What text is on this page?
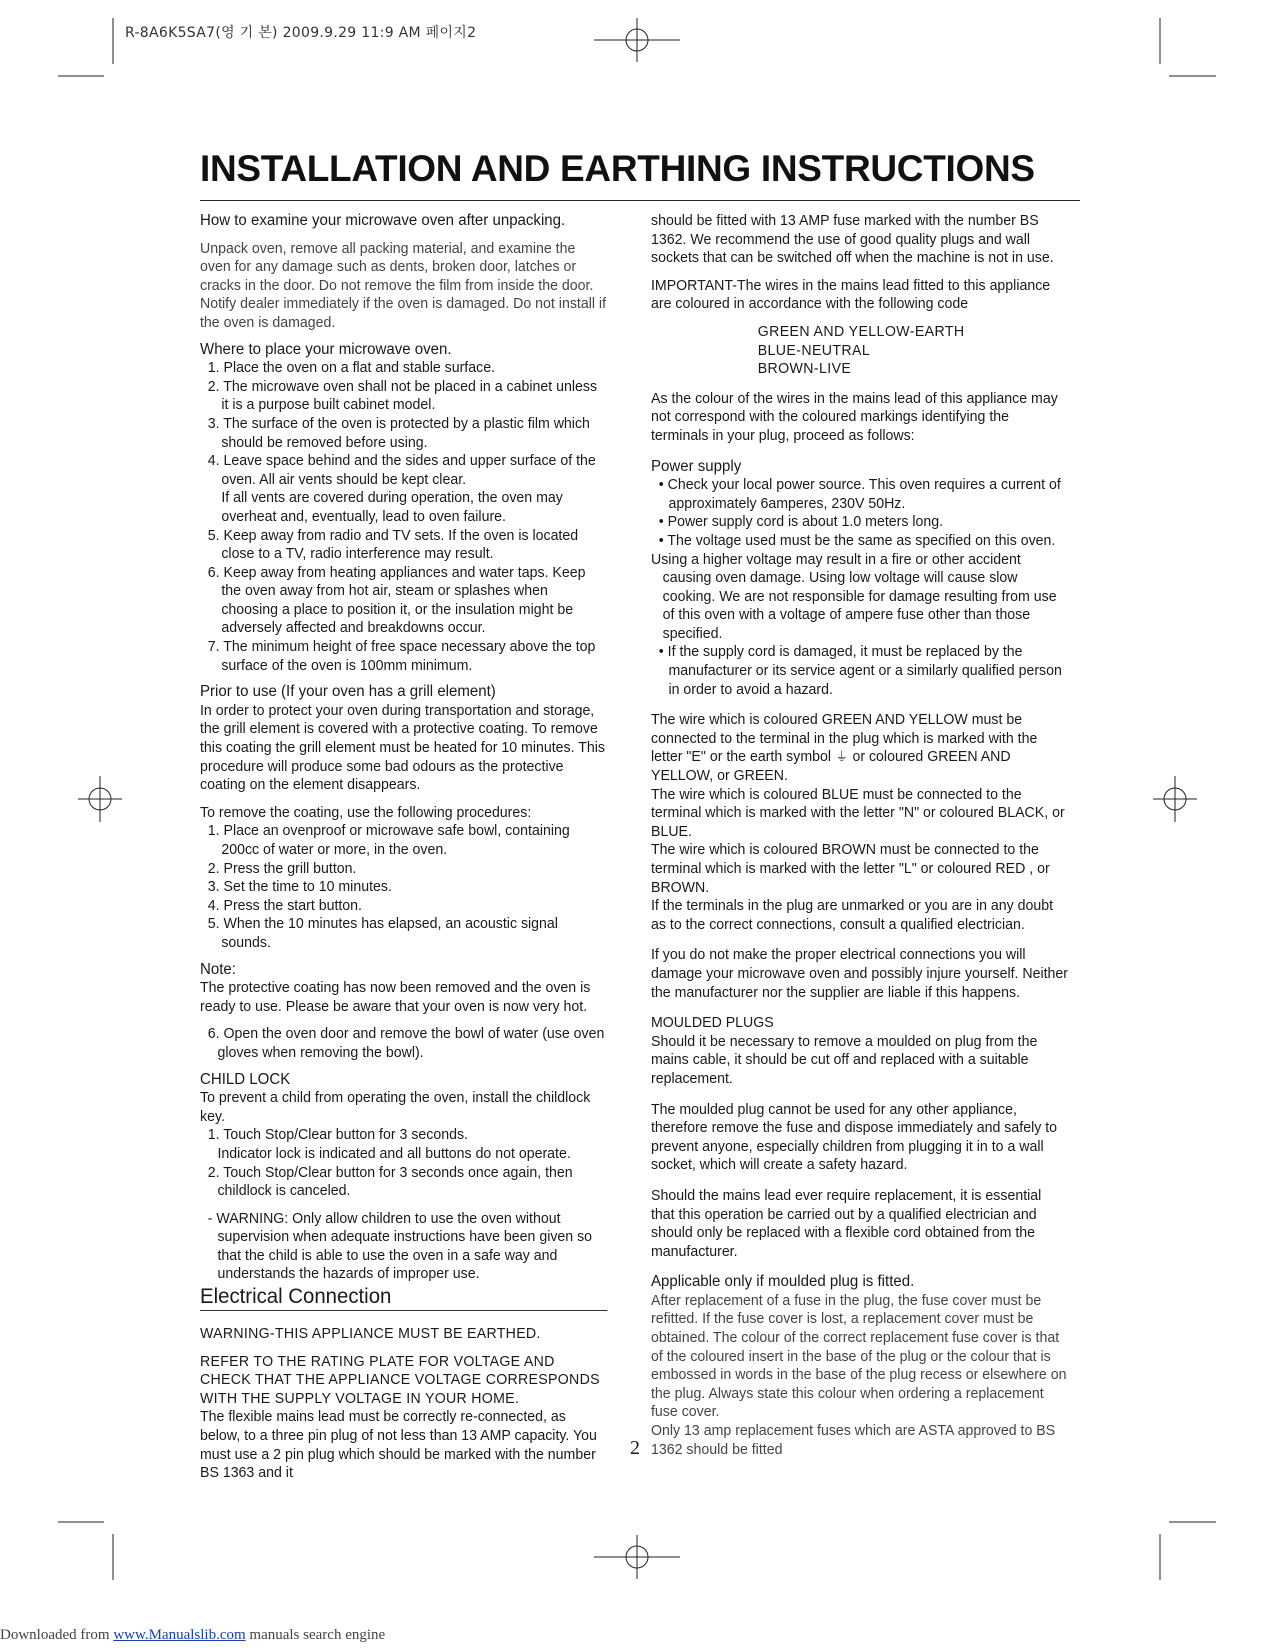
R-8A6K5SA7(영 기 본) 2009.9.29 11:9 AM 페이지2
INSTALLATION AND EARTHING INSTRUCTIONS

How to examine your microwave oven after unpacking.

Unpack oven, remove all packing material, and examine the oven for any damage such as dents, broken door, latches or cracks in the door. Do not remove the film from inside the door. Notify dealer immediately if the oven is damaged. Do not install if the oven is damaged.

Where to place your microwave oven.

1. Place the oven on a flat and stable surface.

2. The microwave oven shall not be placed in a cabinet unless it is a purpose built cabinet model.

3. The surface of the oven is protected by a plastic film which should be removed before using.

4. Leave space behind and the sides and upper surface of the oven. All air vents should be kept clear.

If all vents are covered during operation, the oven may overheat and, eventually, lead to oven failure.

5. Keep away from radio and TV sets. If the oven is located close to a TV, radio interference may result.

6. Keep away from heating appliances and water taps. Keep the oven away from hot air, steam or splashes when choosing a place to position it, or the insulation might be adversely affected and breakdowns occur.

7. The minimum height of free space necessary above the top surface of the oven is 100mm minimum.

Prior to use (If your oven has a grill element)

In order to protect your oven during transportation and storage, the grill element is covered with a protective coating. To remove this coating the grill element must be heated for 10 minutes. This procedure will produce some bad odours as the protective coating on the element disappears.

To remove the coating, use the following procedures:

1. Place an ovenproof or microwave safe bowl, containing 200cc of water or more, in the oven.

2. Press the grill button.

3. Set the time to 10 minutes.

4. Press the start button.

5. When the 10 minutes has elapsed, an acoustic signal sounds.

Note:

The protective coating has now been removed and the oven is ready to use. Please be aware that your oven is now very hot.

6. Open the oven door and remove the bowl of water (use oven gloves when removing the bowl).

CHILD LOCK

To prevent a child from operating the oven, install the childlock key.

1. Touch Stop/Clear button for 3 seconds.

Indicator lock is indicated and all buttons do not operate.

2. Touch Stop/Clear button for 3 seconds once again, then childlock is canceled.

- WARNING: Only allow children to use the oven without supervision when adequate instructions have been given so that the child is able to use the oven in a safe way and understands the hazards of improper use.

Electrical Connection

WARNING-THIS APPLIANCE MUST BE EARTHED.

REFER TO THE RATING PLATE FOR VOLTAGE AND CHECK THAT THE APPLIANCE VOLTAGE CORRESPONDS WITH THE SUPPLY VOLTAGE IN YOUR HOME.

The flexible mains lead must be correctly re-connected, as below, to a three pin plug of not less than 13 AMP capacity. You must use a 2 pin plug which should be marked with the number BS 1363 and it

should be fitted with 13 AMP fuse marked with the number BS 1362. We recommend the use of good quality plugs and wall sockets that can be switched off when the machine is not in use.

IMPORTANT-The wires in the mains lead fitted to this appliance are coloured in accordance with the following code

GREEN AND YELLOW-EARTH

BLUE-NEUTRAL

BROWN-LIVE

As the colour of the wires in the mains lead of this appliance may not correspond with the coloured markings identifying the terminals in your plug, proceed as follows:

Power supply

• Check your local power source. This oven requires a current of approximately 6amperes, 230V 50Hz.

• Power supply cord is about 1.0 meters long.

• The voltage used must be the same as specified on this oven.

Using a higher voltage may result in a fire or other accident causing oven damage. Using low voltage will cause slow cooking. We are not responsible for damage resulting from use of this oven with a voltage of ampere fuse other than those specified.

• If the supply cord is damaged, it must be replaced by the manufacturer or its service agent or a similarly qualified person in order to avoid a hazard.

The wire which is coloured GREEN AND YELLOW must be connected to the terminal in the plug which is marked with the letter "E" or the earth symbol ⏚ or coloured GREEN AND YELLOW, or GREEN.

The wire which is coloured BLUE must be connected to the terminal which is marked with the letter "N" or coloured BLACK, or BLUE.

The wire which is coloured BROWN must be connected to the terminal which is marked with the letter "L" or coloured RED , or BROWN.

If the terminals in the plug are unmarked or you are in any doubt as to the correct connections, consult a qualified electrician.

If you do not make the proper electrical connections you will damage your microwave oven and possibly injure yourself. Neither the manufacturer nor the supplier are liable if this happens.

MOULDED PLUGS

Should it be necessary to remove a moulded on plug from the mains cable, it should be cut off and replaced with a suitable replacement.

The moulded plug cannot be used for any other appliance, therefore remove the fuse and dispose immediately and safely to prevent anyone, especially children from plugging it in to a wall socket, which will create a safety hazard.

Should the mains lead ever require replacement, it is essential that this operation be carried out by a qualified electrician and should only be replaced with a flexible cord obtained from the manufacturer.

Applicable only if moulded plug is fitted.

After replacement of a fuse in the plug, the fuse cover must be refitted. If the fuse cover is lost, a replacement cover must be obtained. The colour of the correct replacement fuse cover is that of the coloured insert in the base of the plug or the colour that is embossed in words in the base of the plug recess or elsewhere on the plug. Always state this colour when ordering a replacement fuse cover.

Only 13 amp replacement fuses which are ASTA approved to BS 1362 should be fitted

2
Downloaded from www.Manualslib.com manuals search engine
